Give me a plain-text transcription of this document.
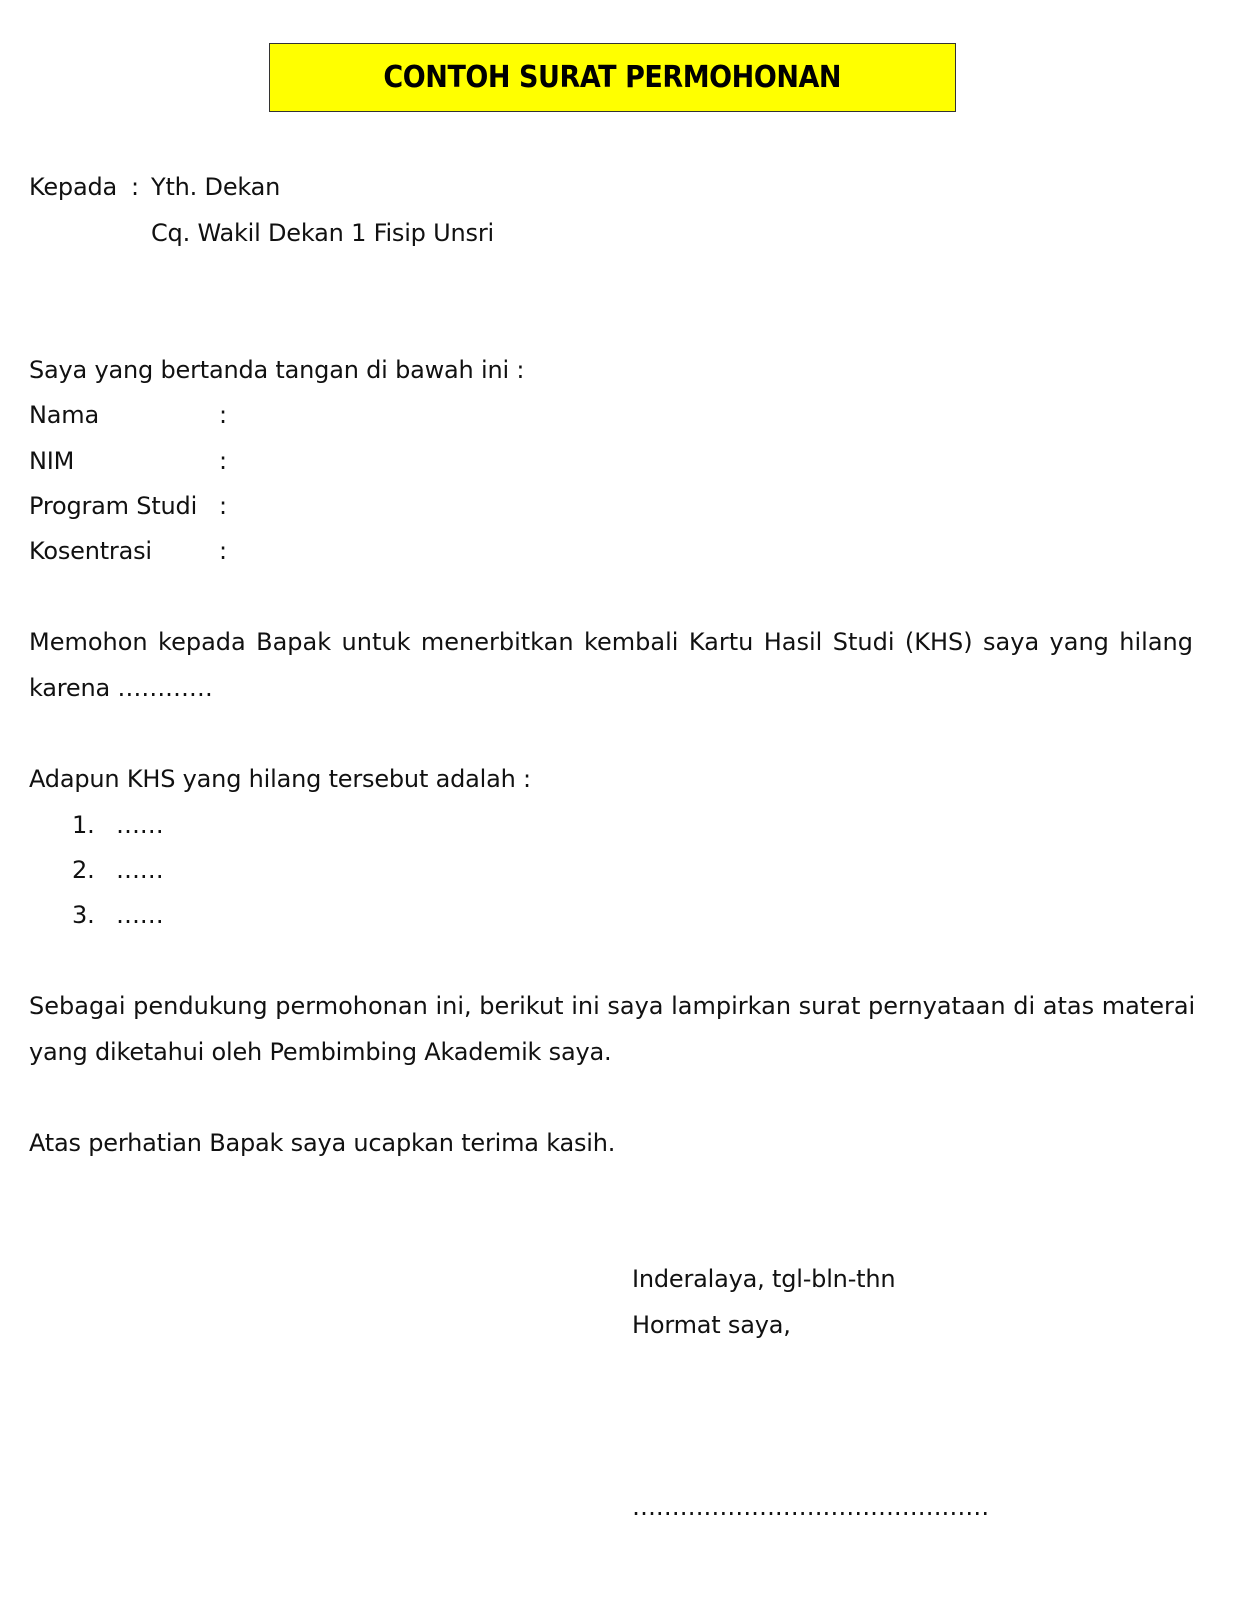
CONTOH SURAT PERMOHONAN
Kepada : Yth. Dekan
Cq. Wakil Dekan 1 Fisip Unsri
Saya yang bertanda tangan di bawah ini :
Nama	:
NIM	:
Program Studi :
Kosentrasi	:
Memohon kepada Bapak untuk menerbitkan kembali Kartu Hasil Studi (KHS) saya yang hilang
karena …………
Adapun KHS yang hilang tersebut adalah :
1. ……
2. ……
3. ……
Sebagai pendukung permohonan ini, berikut ini saya lampirkan surat pernyataan di atas materai
yang diketahui oleh Pembimbing Akademik saya.
Atas perhatian Bapak saya ucapkan terima kasih.
Inderalaya, tgl-bln-thn
Hormat saya,
………………………………………
